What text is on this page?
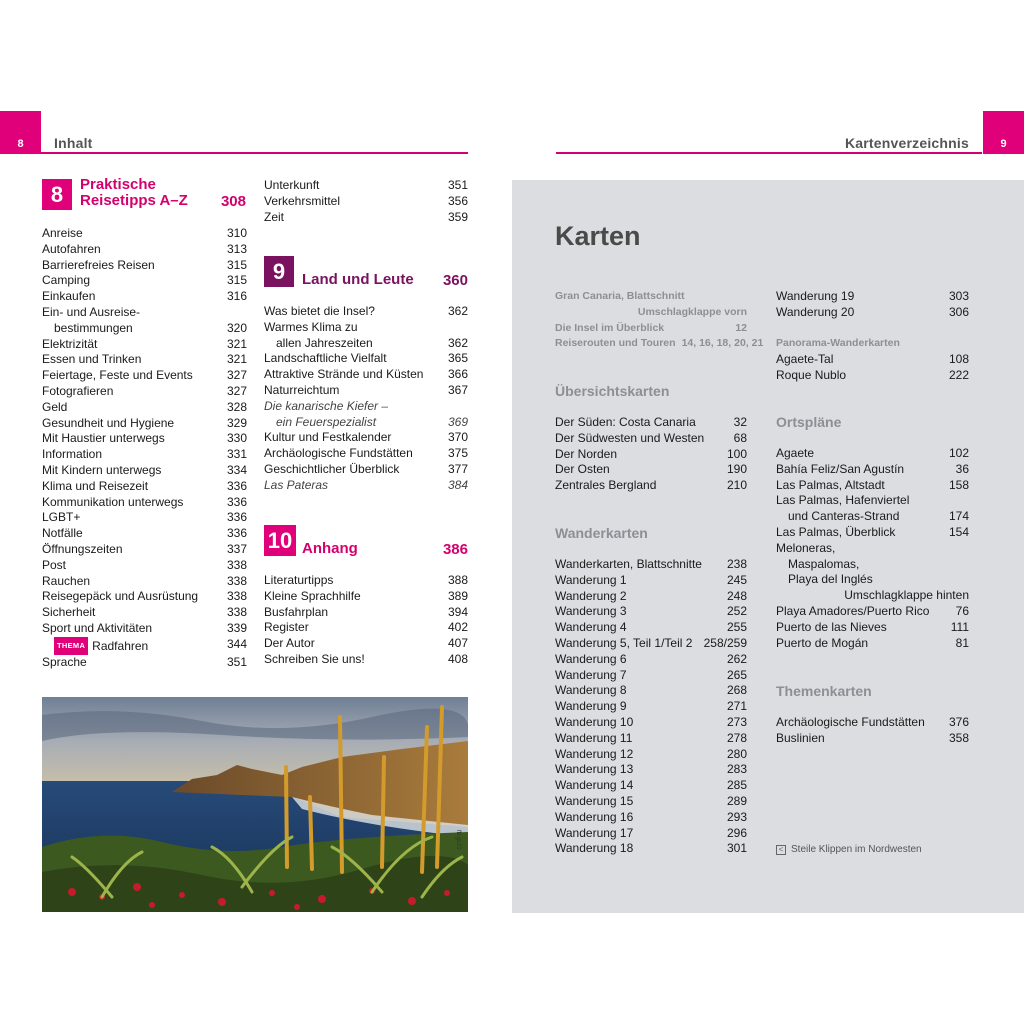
8 Inhalt
8	Praktische
Reisetipps A–Z	308
Anreise	310
Autofahren	313
Barrierefreies Reisen	315
Camping	315
Einkaufen	316
Ein- und Ausreise-
bestimmungen	320
Elektrizität	321
Essen und Trinken	321
Feiertage, Feste und Events	327
Fotografieren	327
Geld	328
Gesundheit und Hygiene	329
Mit Haustier unterwegs	330
Information	331
Mit Kindern unterwegs	334
Klima und Reisezeit	336
Kommunikation unterwegs	336
LGBT+	336
Notfälle	336
Öffnungszeiten	337
Post	338
Rauchen	338
Reisegepäck und Ausrüstung	338
Sicherheit	338
Sport und Aktivitäten	339
THEMA Radfahren	344
Sprache	351
Unterkunft	351
Verkehrsmittel	356
Zeit	359
9	Land und Leute	360
Was bietet die Insel?	362
Warmes Klima zu
allen Jahreszeiten	362
Landschaftliche Vielfalt	365
Attraktive Strände und Küsten	366
Naturreichtum	367
Die kanarische Kiefer –
ein Feuerspezialist	369
Kultur und Festkalender	370
Archäologische Fundstätten	375
Geschichtlicher Überblick	377
Las Pateras	384
10 Anhang	386
Literaturtipps	388
Kleine Sprachhilfe	389
Busfahrplan	394
Register	402
Der Autor	407
Schreiben Sie uns!	408
fb.gc21
Kartenverzeichnis	9
Karten
Gran Canaria, Blattschnitt
Umschlagklappe vorn
Die Insel im Überblick	12
Reiserouten und Touren 14, 16, 18, 20, 21
Übersichtskarten
Der Süden: Costa Canaria	32
Der Südwesten und Westen	68
Der Norden	100
Der Osten	190
Zentrales Bergland	210
Wanderkarten
Wanderkarten, Blattschnitte	238
Wanderung 1	245
Wanderung 2	248
Wanderung 3	252
Wanderung 4	255
Wanderung 5, Teil 1/Teil 2 258/259
Wanderung 6	262
Wanderung 7	265
Wanderung 8	268
Wanderung 9	271
Wanderung 10	273
Wanderung 11	278
Wanderung 12	280
Wanderung 13	283
Wanderung 14	285
Wanderung 15	289
Wanderung 16	293
Wanderung 17	296
Wanderung 18	301
Wanderung 19	303
Wanderung 20	306
Panorama-Wanderkarten
Agaete-Tal	108
Roque Nublo	222
Ortspläne
Agaete	102
Bahía Feliz/San Agustín	36
Las Palmas, Altstadt	158
Las Palmas, Hafenviertel
und Canteras-Strand	174
Las Palmas, Überblick	154
Meloneras,
Maspalomas,
Playa del Inglés
Umschlagklappe hinten
Playa Amadores/Puerto Rico	76
Puerto de las Nieves	111
Puerto de Mogán	81
Themenkarten
Archäologische Fundstätten	376
Buslinien	358
< Steile Klippen im Nordwesten
